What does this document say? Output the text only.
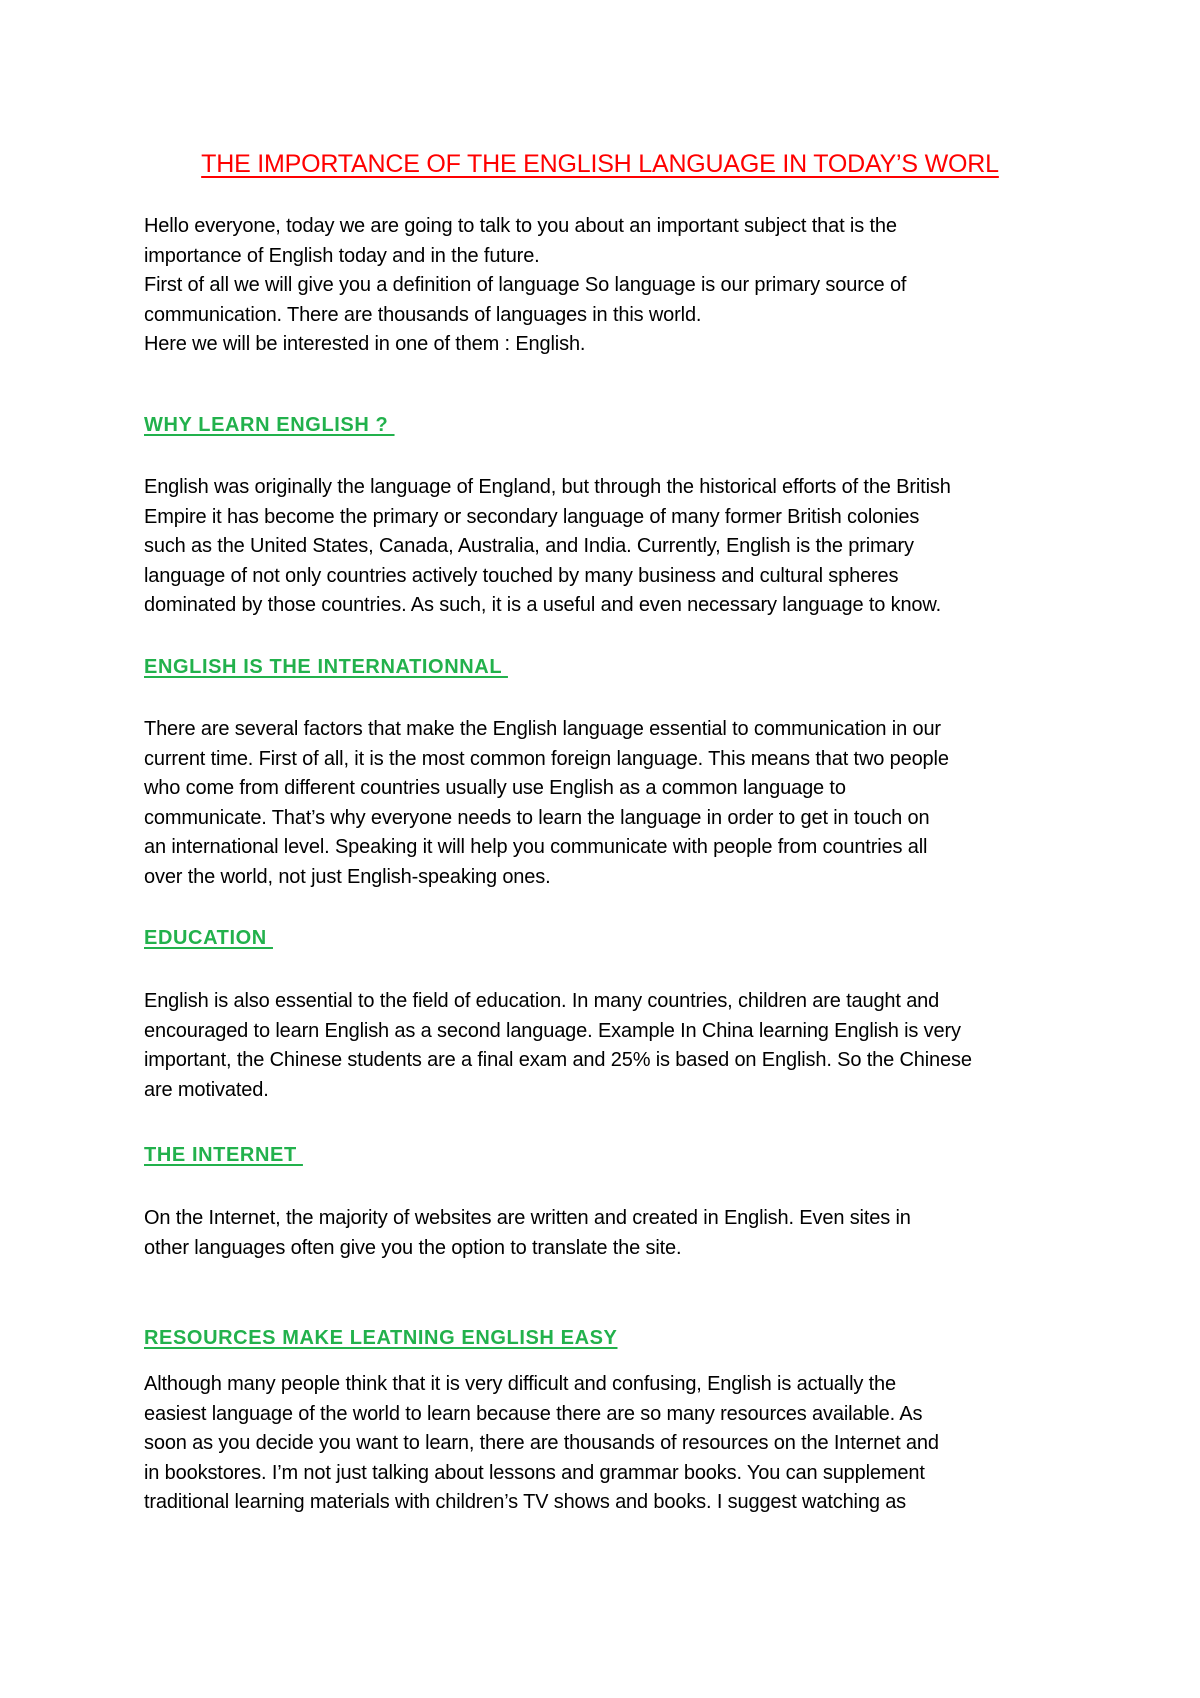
THE IMPORTANCE OF THE ENGLISH LANGUAGE IN TODAY’S WORL
Hello everyone, today we are going to talk to you about an important subject that is the
importance of English today and in the future.
First of all we will give you a definition of language So language is our primary source of
communication. There are thousands of languages in this world.
Here we will be interested in one of them : English.
WHY LEARN ENGLISH ?
English was originally the language of England, but through the historical efforts of the British
Empire it has become the primary or secondary language of many former British colonies
such as the United States, Canada, Australia, and India. Currently, English is the primary
language of not only countries actively touched by many business and cultural spheres
dominated by those countries. As such, it is a useful and even necessary language to know.
ENGLISH IS THE INTERNATIONNAL
There are several factors that make the English language essential to communication in our
current time. First of all, it is the most common foreign language. This means that two people
who come from different countries usually use English as a common language to
communicate. That’s why everyone needs to learn the language in order to get in touch on
an international level. Speaking it will help you communicate with people from countries all
over the world, not just English-speaking ones.
EDUCATION
English is also essential to the field of education. In many countries, children are taught and
encouraged to learn English as a second language. Example In China learning English is very
important, the Chinese students are a final exam and 25% is based on English. So the Chinese
are motivated.
THE INTERNET
On the Internet, the majority of websites are written and created in English. Even sites in
other languages often give you the option to translate the site.
RESOURCES MAKE LEATNING ENGLISH EASY
Although many people think that it is very difficult and confusing, English is actually the
easiest language of the world to learn because there are so many resources available. As
soon as you decide you want to learn, there are thousands of resources on the Internet and
in bookstores. I’m not just talking about lessons and grammar books. You can supplement
traditional learning materials with children’s TV shows and books. I suggest watching as
